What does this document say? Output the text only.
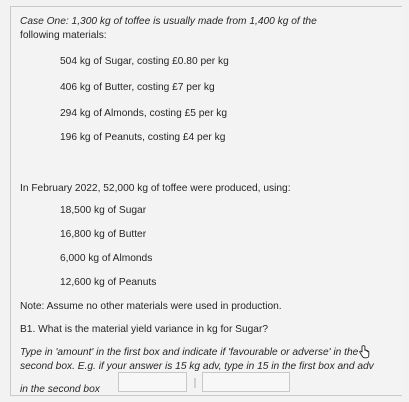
Case One: 1,300 kg of toffee is usually made from 1,400 kg of the
following materials:
504 kg of Sugar, costing £0.80 per kg
406 kg of Butter, costing £7 per kg
294 kg of Almonds, costing £5 per kg
196 kg of Peanuts, costing £4 per kg
In February 2022, 52,000 kg of toffee were produced, using:
18,500 kg of Sugar
16,800 kg of Butter
6,000 kg of Almonds
12,600 kg of Peanuts
Note: Assume no other materials were used in production.
B1. What is the material yield variance in kg for Sugar?
Type in 'amount' in the first box and indicate if 'favourable or adverse' in the
second box. E.g. if your answer is 15 kg adv, type in 15 in the first box and adv
in the second box
